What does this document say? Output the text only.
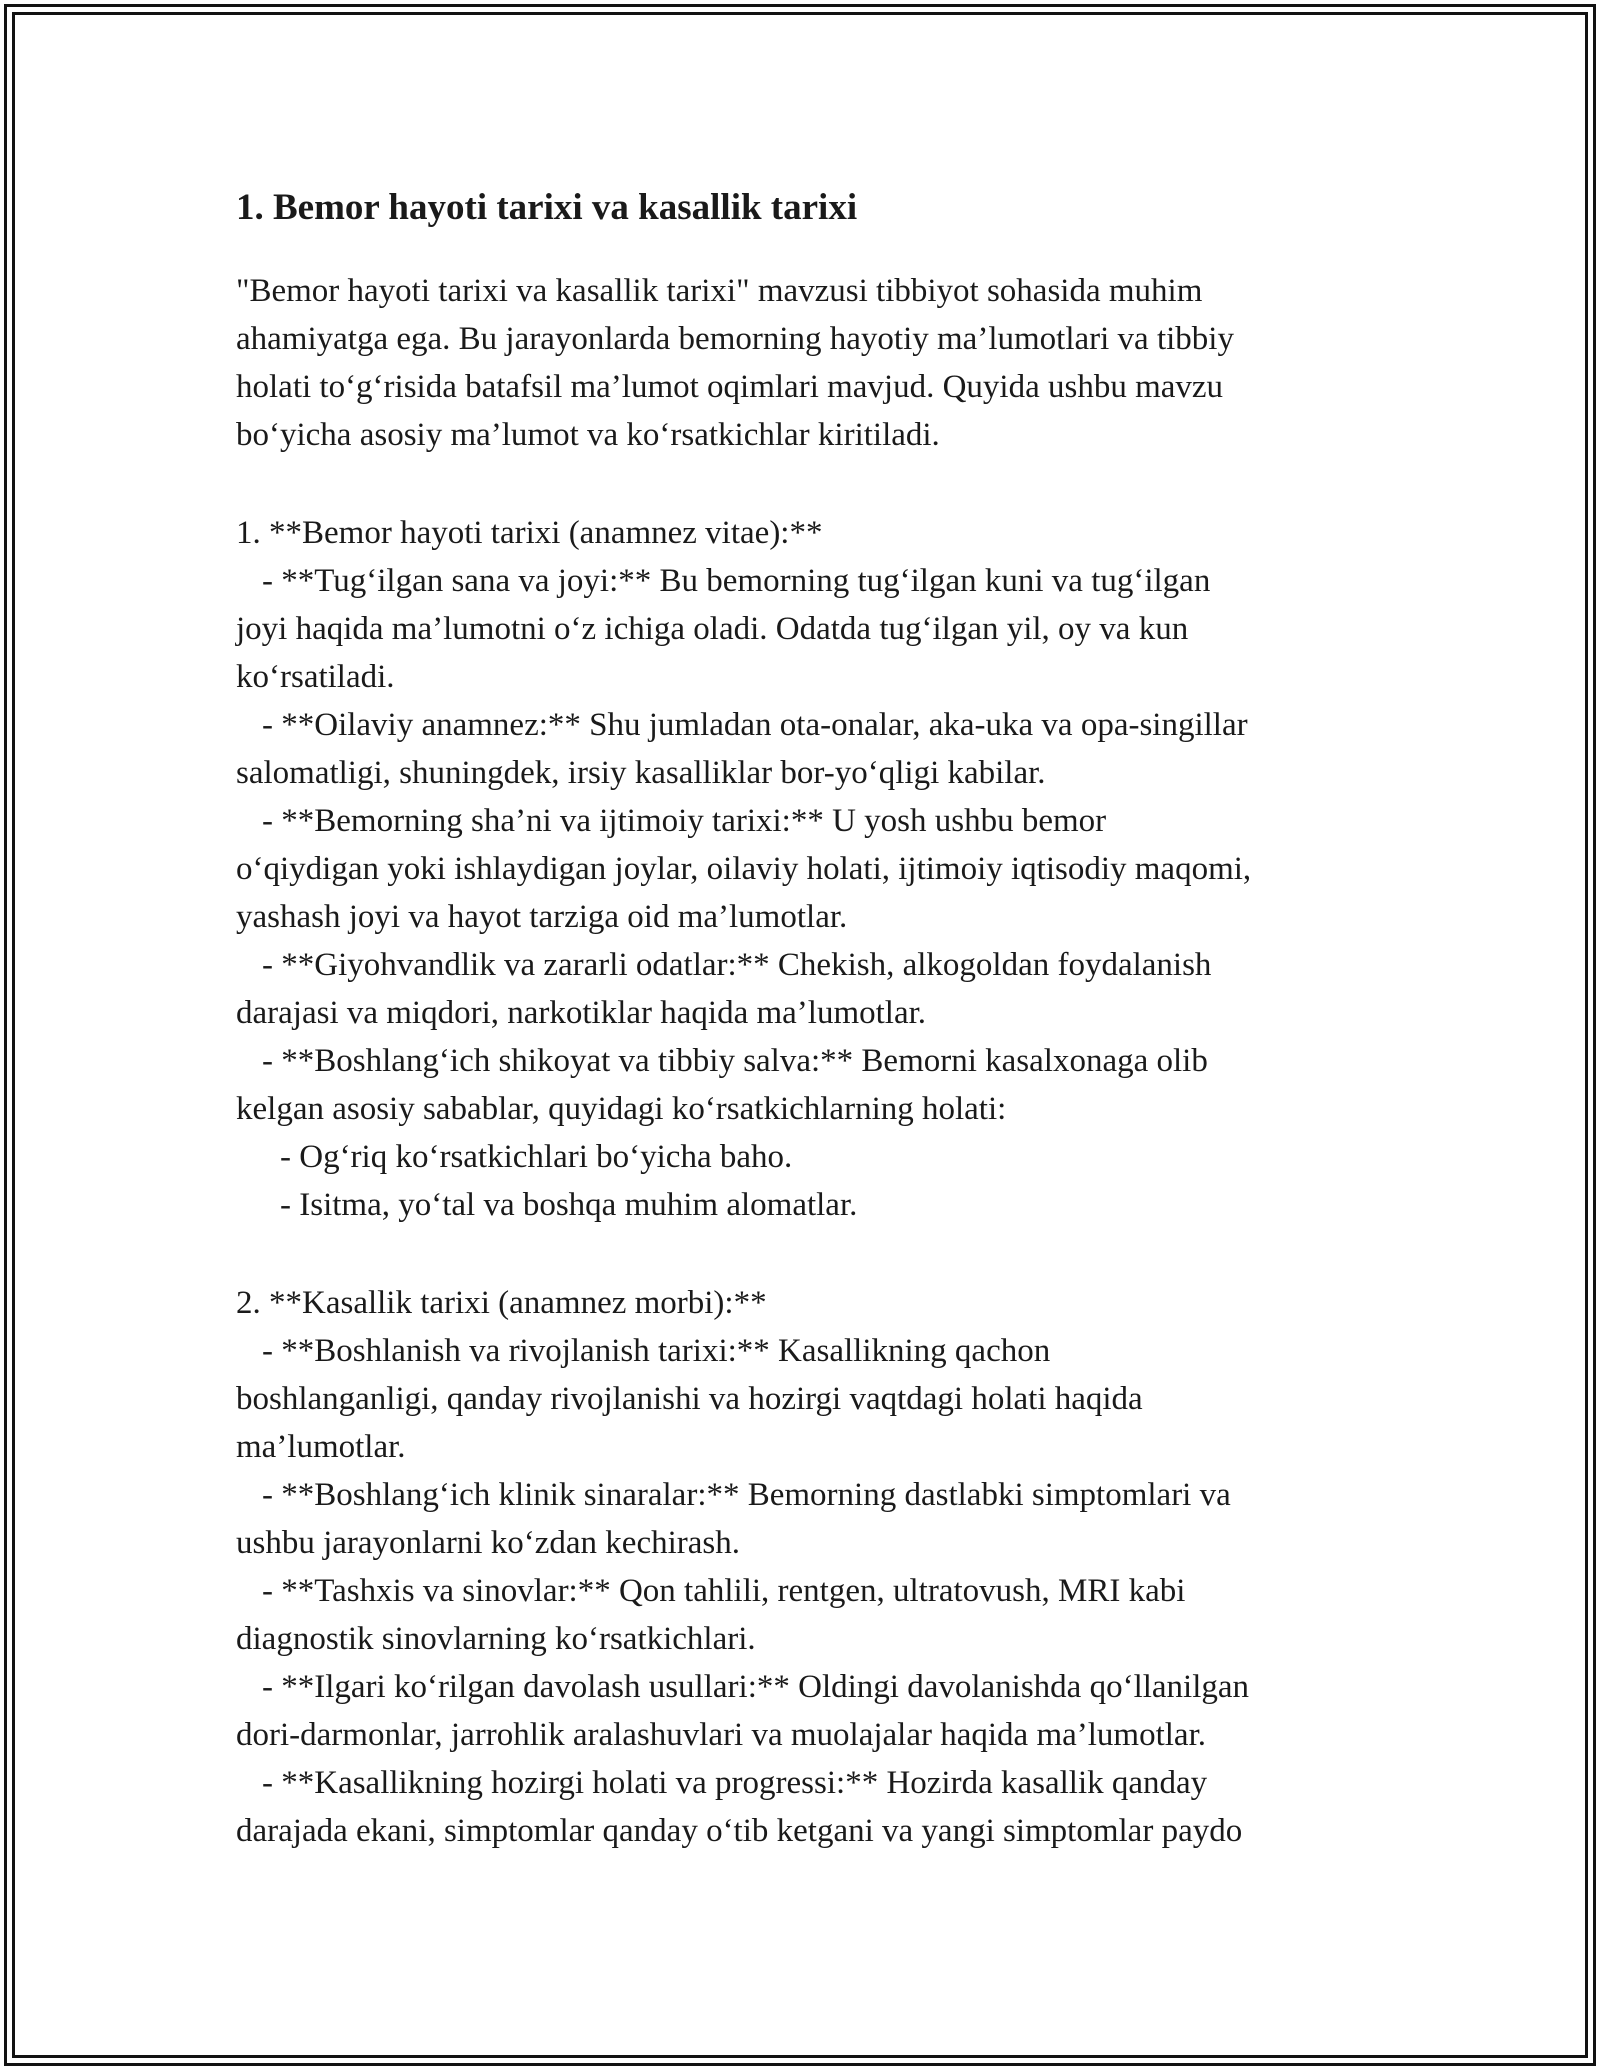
1. Bemor hayoti tarixi va kasallik tarixi

"Bemor hayoti tarixi va kasallik tarixi" mavzusi tibbiyot sohasida muhim

ahamiyatga ega. Bu jarayonlarda bemorning hayotiy ma’lumotlari va tibbiy

holati to‘g‘risida batafsil ma’lumot oqimlari mavjud. Quyida ushbu mavzu

bo‘yicha asosiy ma’lumot va ko‘rsatkichlar kiritiladi.

1. **Bemor hayoti tarixi (anamnez vitae):**

- **Tug‘ilgan sana va joyi:** Bu bemorning tug‘ilgan kuni va tug‘ilgan

joyi haqida ma’lumotni o‘z ichiga oladi. Odatda tug‘ilgan yil, oy va kun

ko‘rsatiladi.

- **Oilaviy anamnez:** Shu jumladan ota-onalar, aka-uka va opa-singillar

salomatligi, shuningdek, irsiy kasalliklar bor-yo‘qligi kabilar.

- **Bemorning sha’ni va ijtimoiy tarixi:** U yosh ushbu bemor

o‘qiydigan yoki ishlaydigan joylar, oilaviy holati, ijtimoiy iqtisodiy maqomi,

yashash joyi va hayot tarziga oid ma’lumotlar.

- **Giyohvandlik va zararli odatlar:** Chekish, alkogoldan foydalanish

darajasi va miqdori, narkotiklar haqida ma’lumotlar.

- **Boshlang‘ich shikoyat va tibbiy salva:** Bemorni kasalxonaga olib

kelgan asosiy sabablar, quyidagi ko‘rsatkichlarning holati:

- Og‘riq ko‘rsatkichlari bo‘yicha baho.

- Isitma, yo‘tal va boshqa muhim alomatlar.

2. **Kasallik tarixi (anamnez morbi):**

- **Boshlanish va rivojlanish tarixi:** Kasallikning qachon

boshlanganligi, qanday rivojlanishi va hozirgi vaqtdagi holati haqida

ma’lumotlar.

- **Boshlang‘ich klinik sinaralar:** Bemorning dastlabki simptomlari va

ushbu jarayonlarni ko‘zdan kechirash.

- **Tashxis va sinovlar:** Qon tahlili, rentgen, ultratovush, MRI kabi

diagnostik sinovlarning ko‘rsatkichlari.

- **Ilgari ko‘rilgan davolash usullari:** Oldingi davolanishda qo‘llanilgan

dori-darmonlar, jarrohlik aralashuvlari va muolajalar haqida ma’lumotlar.

- **Kasallikning hozirgi holati va progressi:** Hozirda kasallik qanday

darajada ekani, simptomlar qanday o‘tib ketgani va yangi simptomlar paydo
